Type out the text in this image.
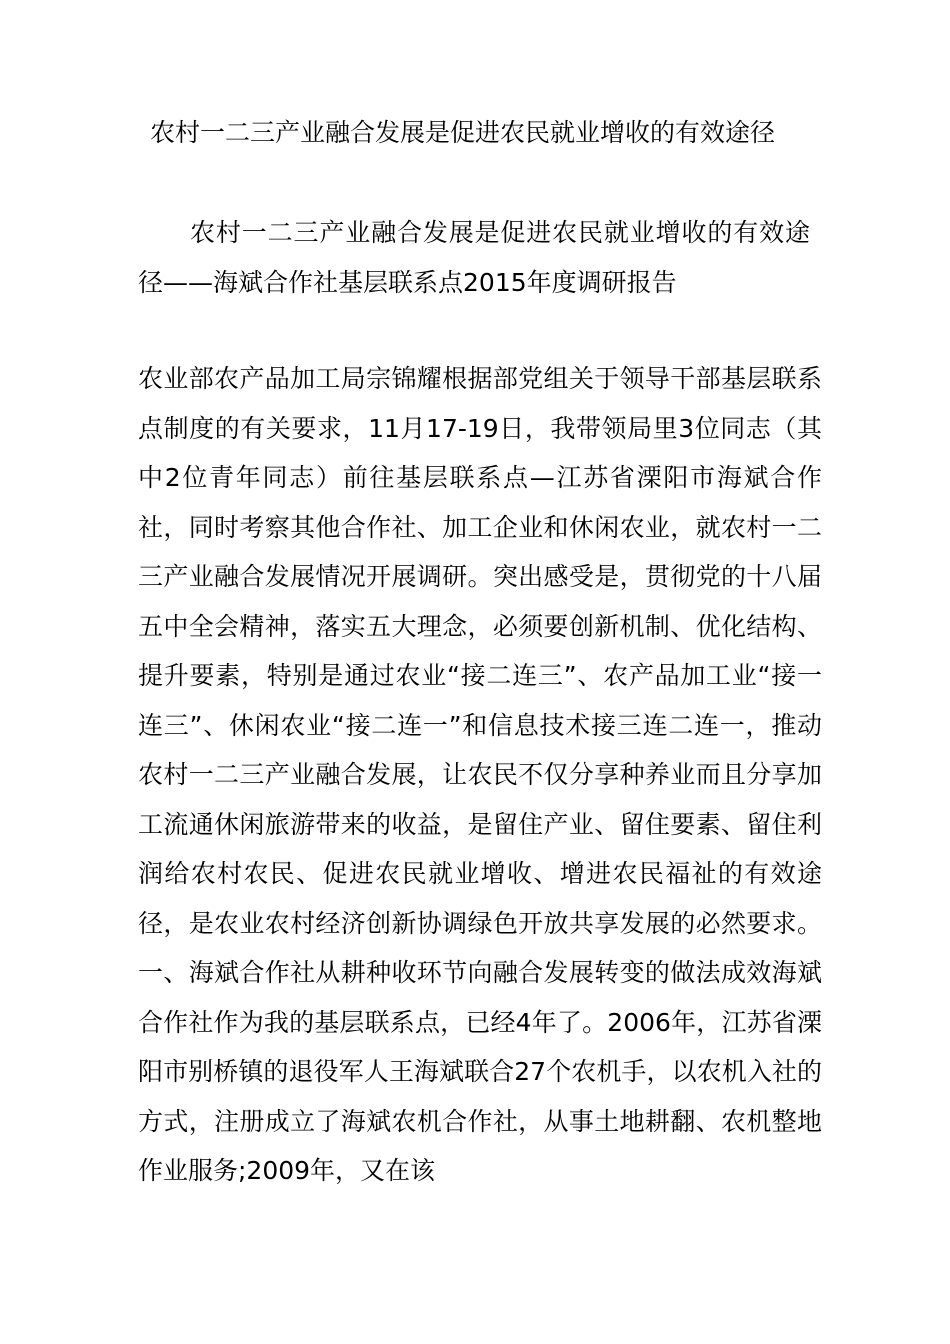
农村一二三产业融合发展是促进农民就业增收的有效途径

农村一二三产业融合发展是促进农民就业增收的有效途径——海斌合作社基层联系点2015年度调研报告

农业部农产品加工局宗锦耀根据部党组关于领导干部基层联系点制度的有关要求，11月17-19日，我带领局里3位同志（其中2位青年同志）前往基层联系点—江苏省溧阳市海斌合作社，同时考察其他合作社、加工企业和休闲农业，就农村一二三产业融合发展情况开展调研。突出感受是，贯彻党的十八届五中全会精神，落实五大理念，必须要创新机制、优化结构、提升要素，特别是通过农业“接二连三”、农产品加工业“接一连三”、休闲农业“接二连一”和信息技术接三连二连一，推动农村一二三产业融合发展，让农民不仅分享种养业而且分享加工流通休闲旅游带来的收益，是留住产业、留住要素、留住利润给农村农民、促进农民就业增收、增进农民福祉的有效途径，是农业农村经济创新协调绿色开放共享发展的必然要求。一、海斌合作社从耕种收环节向融合发展转变的做法成效海斌合作社作为我的基层联系点，已经4年了。2006年，江苏省溧阳市别桥镇的退役军人王海斌联合27个农机手，以农机入社的方式，注册成立了海斌农机合作社，从事土地耕翻、农机整地作业服务;2009年，又在该
